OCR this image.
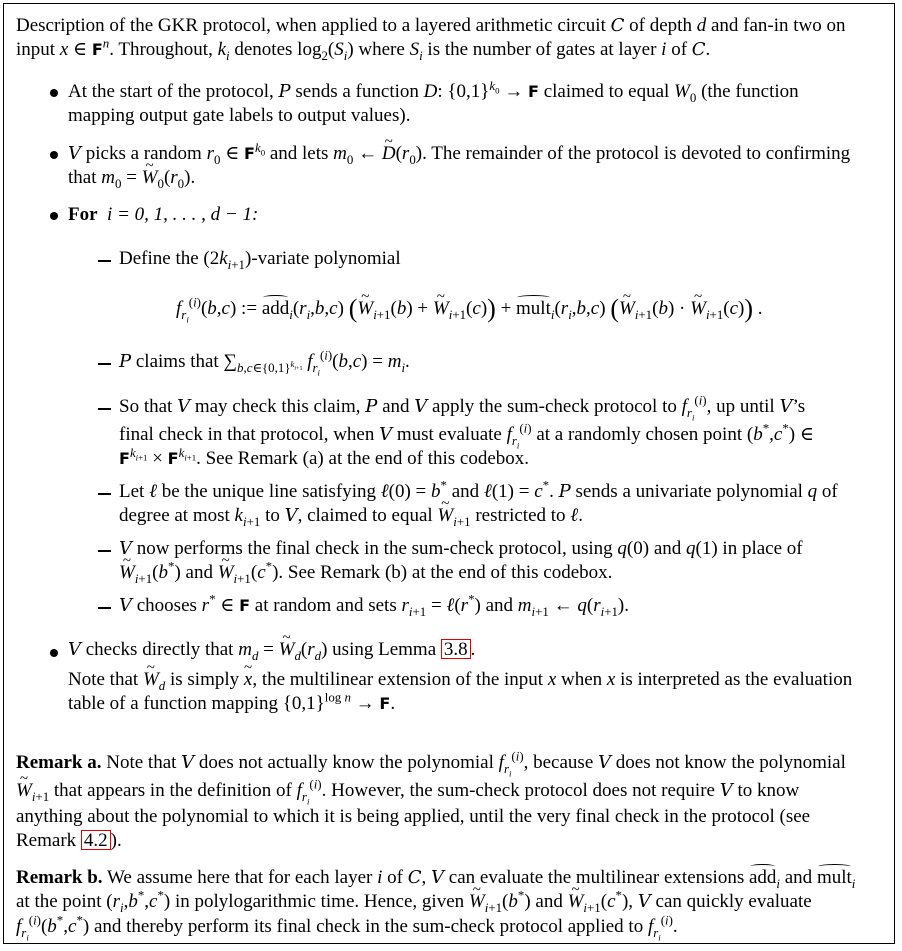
Description of the GKR protocol, when applied to a layered arithmetic circuit C of depth d and fan-in two on
input x ∈ $F^n$. Throughout, $k_i$ denotes $\log_2(S_i)$ where $S_i$ is the number of gates at layer i of C.
At the start of the protocol, P sends a function D: $\{0,1\}^{k_0} \to F$ claimed to equal $W_0$ (the function
mapping output gate labels to output values).
V picks a random $r_0$ ∈ $F^{k_0}$ and lets $m_0$ ← ~ $D(r_0)$. The remainder of the protocol is devoted to confirming
that $m_0$ = ~ $W_0(r_0)$.
For i = 0, 1, . . . , d − 1:
Define the $(2k_{i+1})$-variate polynomial
$f_{r_i}^{(i)}(b,c)$ := $add_i(r_i,b,c)$ (~ $W_{i+1}(b)$ + ~ $W_{i+1}(c)$) + $mult_i(r_i,b,c)$ (~ $W_{i+1}(b)$ · ~ $W_{i+1}(c)$) .
P claims that $\sum_{b,c\in\{0,1\}^{k_{i+1}}}$ $f_{r_i}^{(i)}(b,c) = m_i$.
So that V may check this claim, P and V apply the sum-check protocol to $f_{r_i}^{(i)}$, up until V’s
final check in that protocol, when V must evaluate $f_{r_i}^{(i)}$ at a randomly chosen point (b*,c*) ∈
$F^{k_{i+1}} \times F^{k_{i+1}}$. See Remark (a) at the end of this codebox.
Let ℓ be the unique line satisfying ℓ(0) = b* and ℓ(1) = c*. P sends a univariate polynomial q of
degree at most $k_{i+1}$ to V, claimed to equal ~ $W_{i+1}$ restricted to ℓ.
V now performs the final check in the sum-check protocol, using q(0) and q(1) in place of
~ $W_{i+1}(b^*)$ and ~ $W_{i+1}(c^*)$. See Remark (b) at the end of this codebox.
V chooses r* ∈ F at random and sets $r_{i+1}$ = ℓ(r*) and $m_{i+1}$ ← $q(r_{i+1})$.
V checks directly that $m_d$ = ~ $W_d(r_d)$ using Lemma 3.8 .
Note that ~ $W_d$ is simply ~ x, the multilinear extension of the input x when x is interpreted as the evaluation
table of a function mapping $\{0,1\}^{log n} \to F$.
Remark a. Note that V does not actually know the polynomial $f_{r_i}^{(i)}$, because V does not know the polynomial
~ $W_{i+1}$ that appears in the definition of $f_{r_i}^{(i)}$. However, the sum-check protocol does not require V to know
anything about the polynomial to which it is being applied, until the very final check in the protocol (see
Remark 4.2 ).
Remark b. We assume here that for each layer i of C, V can evaluate the multilinear extensions add$_i$ and mult$_i$
at the point $(r_i,b^*,c^*)$ in polylogarithmic time. Hence, given ~ $W_{i+1}(b^*)$ and ~ $W_{i+1}(c^*)$, V can quickly evaluate
$f_{r_i}^{(i)}(b^*,c^*)$ and thereby perform its final check in the sum-check protocol applied to $f_{r_i}^{(i)}$.
